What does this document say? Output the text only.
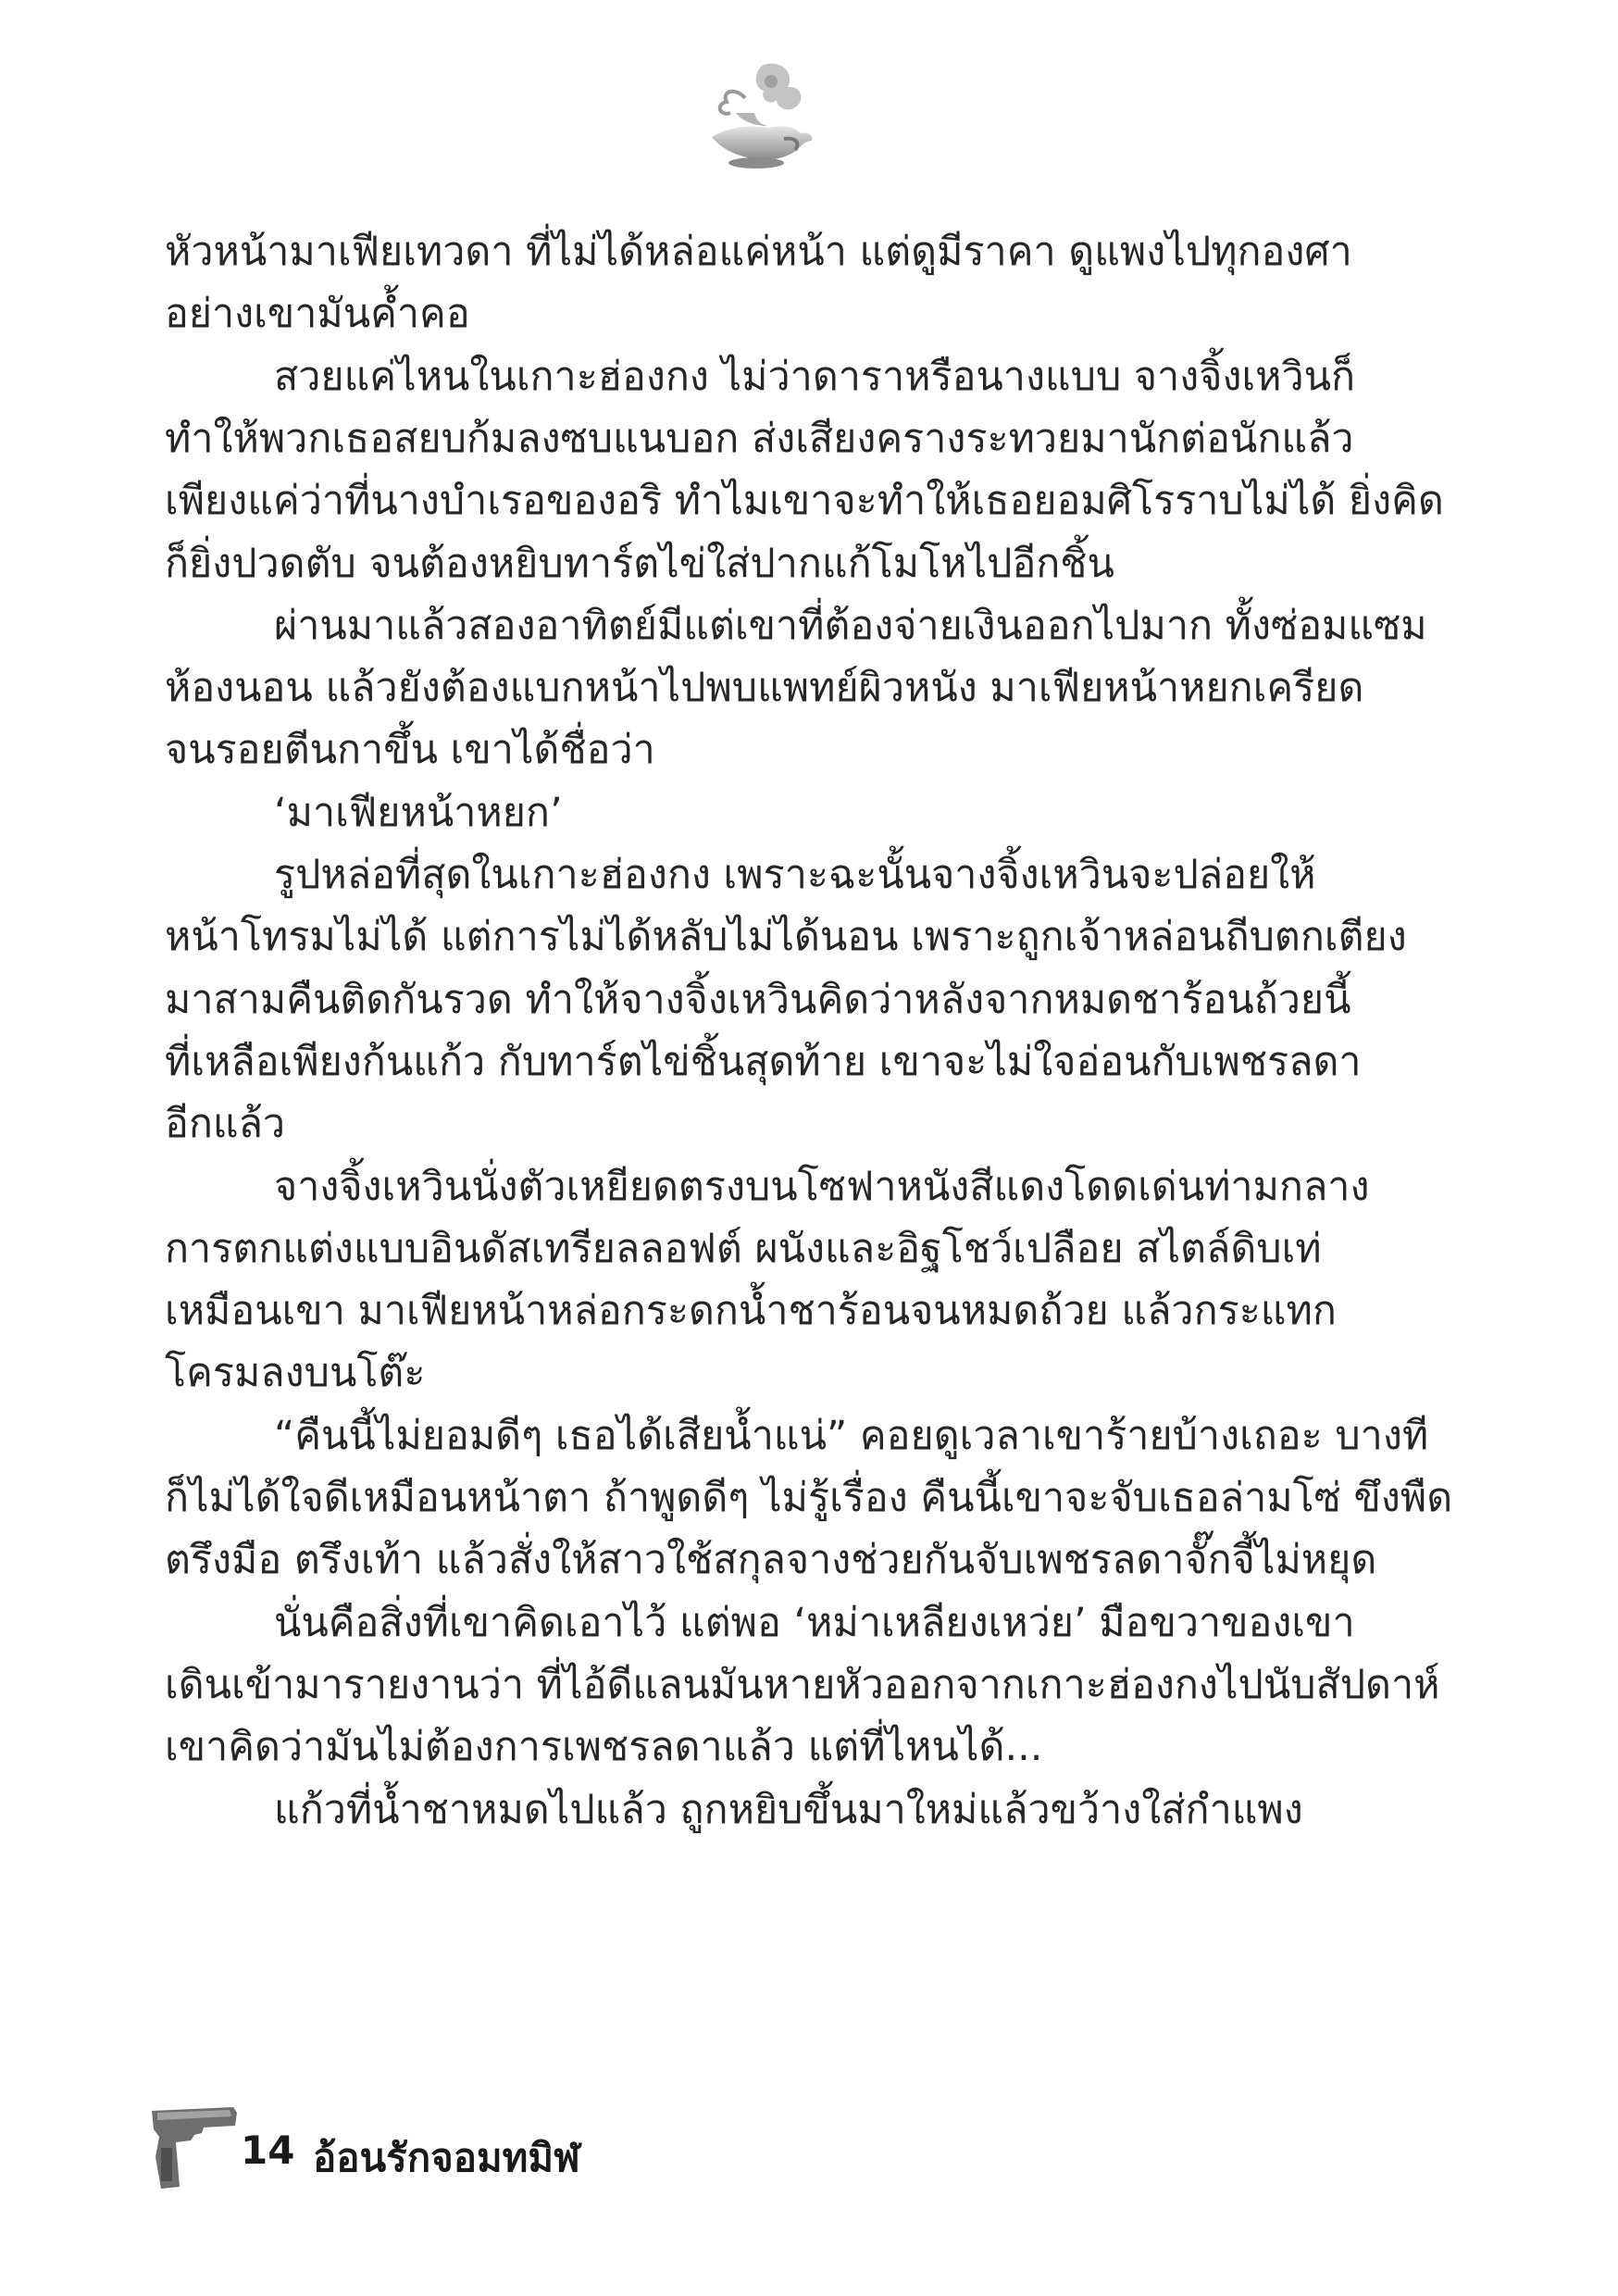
หัวหน้ามาเฟียเทวดา ที่ไม่ได้หล่อแค่หน้า แต่ดูมีราคา ดูแพงไปทุกองศา
อย่างเขามันค้ำคอ
สวยแค่ไหนในเกาะฮ่องกง ไม่ว่าดาราหรือนางแบบ จางจิ้งเหวินก็
ทำให้พวกเธอสยบก้มลงซบแนบอก ส่งเสียงครางระทวยมานักต่อนักแล้ว
เพียงแค่ว่าที่นางบำเรอของอริ ทำไมเขาจะทำให้เธอยอมศิโรราบไม่ได้ ยิ่งคิด
ก็ยิ่งปวดตับ จนต้องหยิบทาร์ตไข่ใส่ปากแก้โมโหไปอีกชิ้น
ผ่านมาแล้วสองอาทิตย์มีแต่เขาที่ต้องจ่ายเงินออกไปมาก ทั้งซ่อมแซม
ห้องนอน แล้วยังต้องแบกหน้าไปพบแพทย์ผิวหนัง มาเฟียหน้าหยกเครียด
จนรอยตีนกาขึ้น เขาได้ชื่อว่า
‘มาเฟียหน้าหยก’
รูปหล่อที่สุดในเกาะฮ่องกง เพราะฉะนั้นจางจิ้งเหวินจะปล่อยให้
หน้าโทรมไม่ได้ แต่การไม่ได้หลับไม่ได้นอน เพราะถูกเจ้าหล่อนถีบตกเตียง
มาสามคืนติดกันรวด ทำให้จางจิ้งเหวินคิดว่าหลังจากหมดชาร้อนถ้วยนี้
ที่เหลือเพียงก้นแก้ว กับทาร์ตไข่ชิ้นสุดท้าย เขาจะไม่ใจอ่อนกับเพชรลดา
อีกแล้ว
จางจิ้งเหวินนั่งตัวเหยียดตรงบนโซฟาหนังสีแดงโดดเด่นท่ามกลาง
การตกแต่งแบบอินดัสเทรียลลอฟต์ ผนังและอิฐโชว์เปลือย สไตล์ดิบเท่
เหมือนเขา มาเฟียหน้าหล่อกระดกน้ำชาร้อนจนหมดถ้วย แล้วกระแทก
โครมลงบนโต๊ะ
“คืนนี้ไม่ยอมดีๆ เธอได้เสียน้ำแน่” คอยดูเวลาเขาร้ายบ้างเถอะ บางที
ก็ไม่ได้ใจดีเหมือนหน้าตา ถ้าพูดดีๆ ไม่รู้เรื่อง คืนนี้เขาจะจับเธอล่ามโซ่ ขึงพืด
ตรึงมือ ตรึงเท้า แล้วสั่งให้สาวใช้สกุลจางช่วยกันจับเพชรลดาจั๊กจี้ไม่หยุด
นั่นคือสิ่งที่เขาคิดเอาไว้ แต่พอ ‘หม่าเหลียงเหว่ย’ มือขวาของเขา
เดินเข้ามารายงานว่า ที่ไอ้ดีแลนมันหายหัวออกจากเกาะฮ่องกงไปนับสัปดาห์
เขาคิดว่ามันไม่ต้องการเพชรลดาแล้ว แต่ที่ไหนได้...
แก้วที่น้ำชาหมดไปแล้ว ถูกหยิบขึ้นมาใหม่แล้วขว้างใส่กำแพง
14 อ้อนรักจอมทมิฬ
